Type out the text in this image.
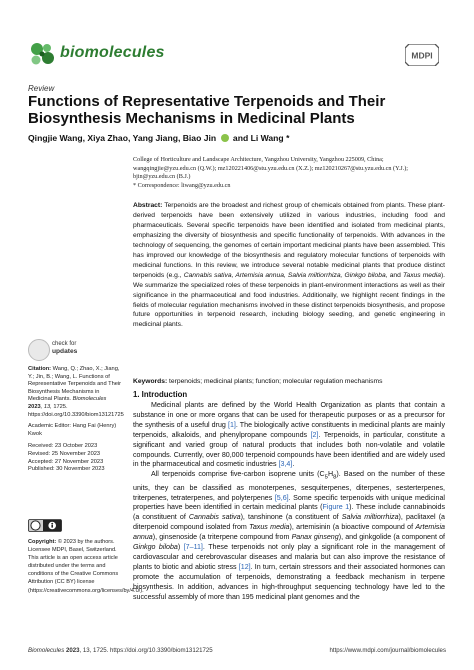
biomolecules	MDPI
Review
Functions of Representative Terpenoids and Their Biosynthesis Mechanisms in Medicinal Plants
Qingjie Wang, Xiya Zhao, Yang Jiang, Biao Jin  and Li Wang *

College of Horticulture and Landscape Architecture, Yangzhou University, Yangzhou 225009, China;

wangqingjie@yzu.edu.cn (Q.W.); mz120221406@stu.yzu.edu.cn (X.Z.); mz120210267@stu.yzu.edu.cn (Y.J.);

bjin@yzu.edu.cn (B.J.)

* Correspondence: liwang@yzu.edu.cn

Abstract: Terpenoids are the broadest and richest group of chemicals obtained from plants. These plant-derived terpenoids have been extensively utilized in various industries, including food and pharmaceuticals. Several specific terpenoids have been identified and isolated from medicinal plants, emphasizing the diversity of biosynthesis and specific functionality of terpenoids. With advances in the technology of sequencing, the genomes of certain important medicinal plants have been assembled. This has improved our knowledge of the biosynthesis and regulatory molecular functions of terpenoids with medicinal functions. In this review, we introduce several notable medicinal plants that produce distinct terpenoids (e.g., Cannabis sativa, Artemisia annua, Salvia miltiorrhiza, Ginkgo biloba, and Taxus media). We summarize the specialized roles of these terpenoids in plant-environment interactions as well as their significance in the pharmaceutical and food industries. Additionally, we highlight recent findings in the fields of molecular regulation mechanisms involved in these distinct terpenoids biosynthesis, and propose future opportunities in terpenoid research, including biology seeding, and genetic engineering in medicinal plants.
Keywords: terpenoids; medicinal plants; function; molecular regulation mechanisms
1. Introduction

Medicinal plants are defined by the World Health Organization as plants that contain a substance in one or more organs that can be used for therapeutic purposes or as a precursor for the synthesis of a useful drug [1]. The biologically active constituents in medicinal plants are mainly terpenoids, alkaloids, and phenylpropane compounds [2]. Terpenoids, in particular, constitute a significant and varied group of natural products that includes both non-volatile and volatile compounds. Currently, over 80,000 terpenoid compounds have been identified and are widely used in the pharmaceutical and cosmetic industries [3,4].

All terpenoids comprise five-carbon isoprene units $(C_5H_8)$. Based on the number of these units, they can be classified as monoterpenes, sesquiterpenes, diterpenes, sesterterpenes, triterpenes, tetraterpenes, and polyterpenes [5,6]. Some specific terpenoids with unique medicinal properties have been identified in certain medicinal plants (Figure 1). These include cannabinoids (a constituent of Cannabis sativa), tanshinone (a constituent of Salvia miltiorrhiza), paclitaxel (a diterpenoid compound isolated from Taxus media), artemisinin (a bioactive compound of Artemisia annua), ginsenoside (a triterpene compound from Panax ginseng), and ginkgolide (a component of Ginkgo biloba) [7–11]. These terpenoids not only play a significant role in the management of cardiovascular and cerebrovascular diseases and malaria but can also improve the resistance of plants to biotic and abiotic stress [12]. In turn, certain stressors and their associated hormones can promote the accumulation of terpenoids, demonstrating a feedback mechanism in terpene biosynthesis. In addition, advances in high-throughput sequencing technology have led to the successful assembly of more than 195 medicinal plant genomes and the

check for
updates

Citation: Wang, Q.; Zhao, X.; Jiang, Y.; Jin, B.; Wang, L. Functions of Representative Terpenoids and Their Biosynthesis Mechanisms in Medicinal Plants. Biomolecules 2023, 13, 1725. https://doi.org/10.3390/biom13121725

Academic Editor: Hang Fai (Henry) Kwok

Received: 23 October 2023

Revised: 25 November 2023

Accepted: 27 November 2023

Published: 30 November 2023

Copyright: © 2023 by the authors. Licensee MDPI, Basel, Switzerland. This article is an open access article distributed under the terms and conditions of the Creative Commons Attribution (CC BY) license (https://creativecommons.org/licenses/by/4.0/).
Biomolecules 2023, 13, 1725. https://doi.org/10.3390/biom13121725	https://www.mdpi.com/journal/biomolecules
